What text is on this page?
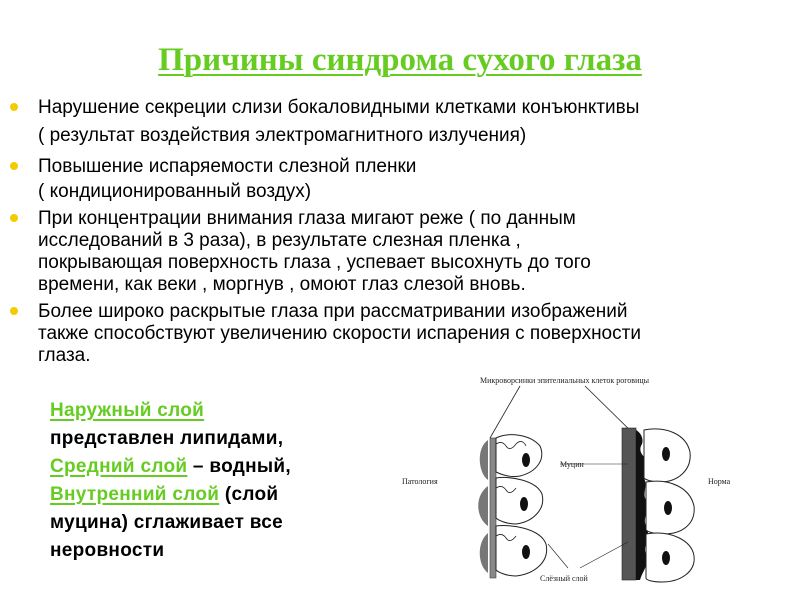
Причины синдрома сухого глаза
Нарушение секреции слизи бокаловидными клетками конъюнктивы
( результат воздействия электромагнитного излучения)
Повышение испаряемости слезной пленки
( кондиционированный воздух)
При концентрации внимания глаза мигают реже ( по данным
исследований в 3 раза), в результате слезная пленка ,
покрывающая поверхность глаза , успевает высохнуть до того
времени, как веки , моргнув , омоют глаз слезой вновь.
Более широко раскрытые глаза при рассматривании изображений
также способствуют увеличению скорости испарения с поверхности
глаза.
Наружный слой
представлен липидами,
Средний слой – водный,
Внутренний слой (слой
муцина) сглаживает все
неровности
Микроворсинки эпителиальных клеток роговицы
Патология	Норма
Муцин
Слёзный слой
